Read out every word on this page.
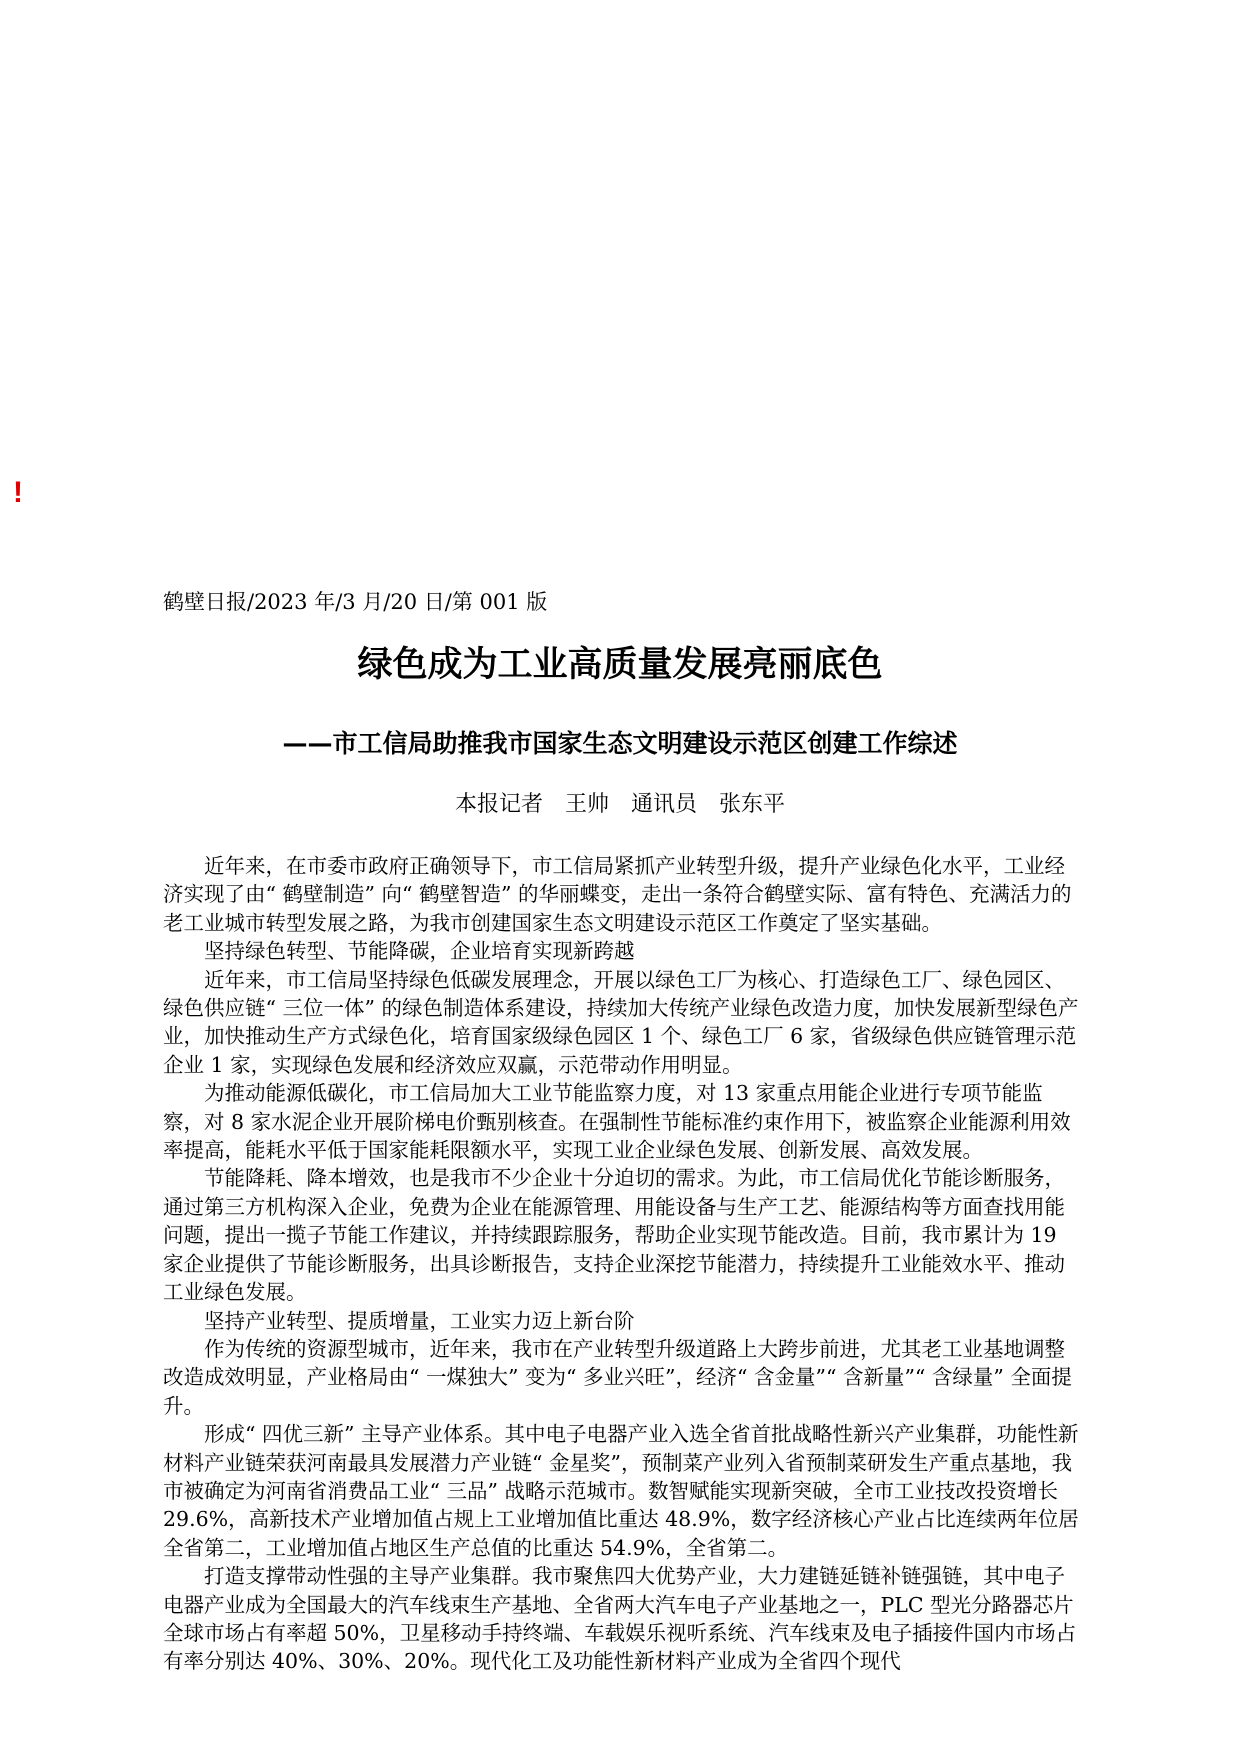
!
鹤壁日报/2023 年/3 月/20 日/第 001 版
绿色成为工业高质量发展亮丽底色
——市工信局助推我市国家生态文明建设示范区创建工作综述
本报记者　王帅　通讯员　张东平

近年来，在市委市政府正确领导下，市工信局紧抓产业转型升级，提升产业绿色化水平，工业经济实现了由“ 鹤壁制造” 向“ 鹤壁智造” 的华丽蝶变，走出一条符合鹤壁实际、富有特色、充满活力的老工业城市转型发展之路，为我市创建国家生态文明建设示范区工作奠定了坚实基础。

坚持绿色转型、节能降碳，企业培育实现新跨越

近年来，市工信局坚持绿色低碳发展理念，开展以绿色工厂为核心、打造绿色工厂、绿色园区、绿色供应链“ 三位一体” 的绿色制造体系建设，持续加大传统产业绿色改造力度，加快发展新型绿色产业，加快推动生产方式绿色化，培育国家级绿色园区 1 个、绿色工厂 6 家，省级绿色供应链管理示范企业 1 家，实现绿色发展和经济效应双赢，示范带动作用明显。

为推动能源低碳化，市工信局加大工业节能监察力度，对 13 家重点用能企业进行专项节能监察，对 8 家水泥企业开展阶梯电价甄别核查。在强制性节能标准约束作用下，被监察企业能源利用效率提高，能耗水平低于国家能耗限额水平，实现工业企业绿色发展、创新发展、高效发展。

节能降耗、降本增效，也是我市不少企业十分迫切的需求。为此，市工信局优化节能诊断服务，通过第三方机构深入企业，免费为企业在能源管理、用能设备与生产工艺、能源结构等方面查找用能问题，提出一揽子节能工作建议，并持续跟踪服务，帮助企业实现节能改造。目前，我市累计为 19 家企业提供了节能诊断服务，出具诊断报告，支持企业深挖节能潜力，持续提升工业能效水平、推动工业绿色发展。

坚持产业转型、提质增量，工业实力迈上新台阶

作为传统的资源型城市，近年来，我市在产业转型升级道路上大跨步前进，尤其老工业基地调整改造成效明显，产业格局由“ 一煤独大” 变为“ 多业兴旺”，经济“ 含金量”“ 含新量”“ 含绿量” 全面提升。

形成“ 四优三新” 主导产业体系。其中电子电器产业入选全省首批战略性新兴产业集群，功能性新材料产业链荣获河南最具发展潜力产业链“ 金星奖”，预制菜产业列入省预制菜研发生产重点基地，我市被确定为河南省消费品工业“ 三品” 战略示范城市。数智赋能实现新突破，全市工业技改投资增长 29.6%，高新技术产业增加值占规上工业增加值比重达 48.9%，数字经济核心产业占比连续两年位居全省第二，工业增加值占地区生产总值的比重达 54.9%，全省第二。

打造支撑带动性强的主导产业集群。我市聚焦四大优势产业，大力建链延链补链强链，其中电子电器产业成为全国最大的汽车线束生产基地、全省两大汽车电子产业基地之一，PLC 型光分路器芯片全球市场占有率超 50%，卫星移动手持终端、车载娱乐视听系统、汽车线束及电子插接件国内市场占有率分别达 40%、30%、20%。现代化工及功能性新材料产业成为全省四个现代
